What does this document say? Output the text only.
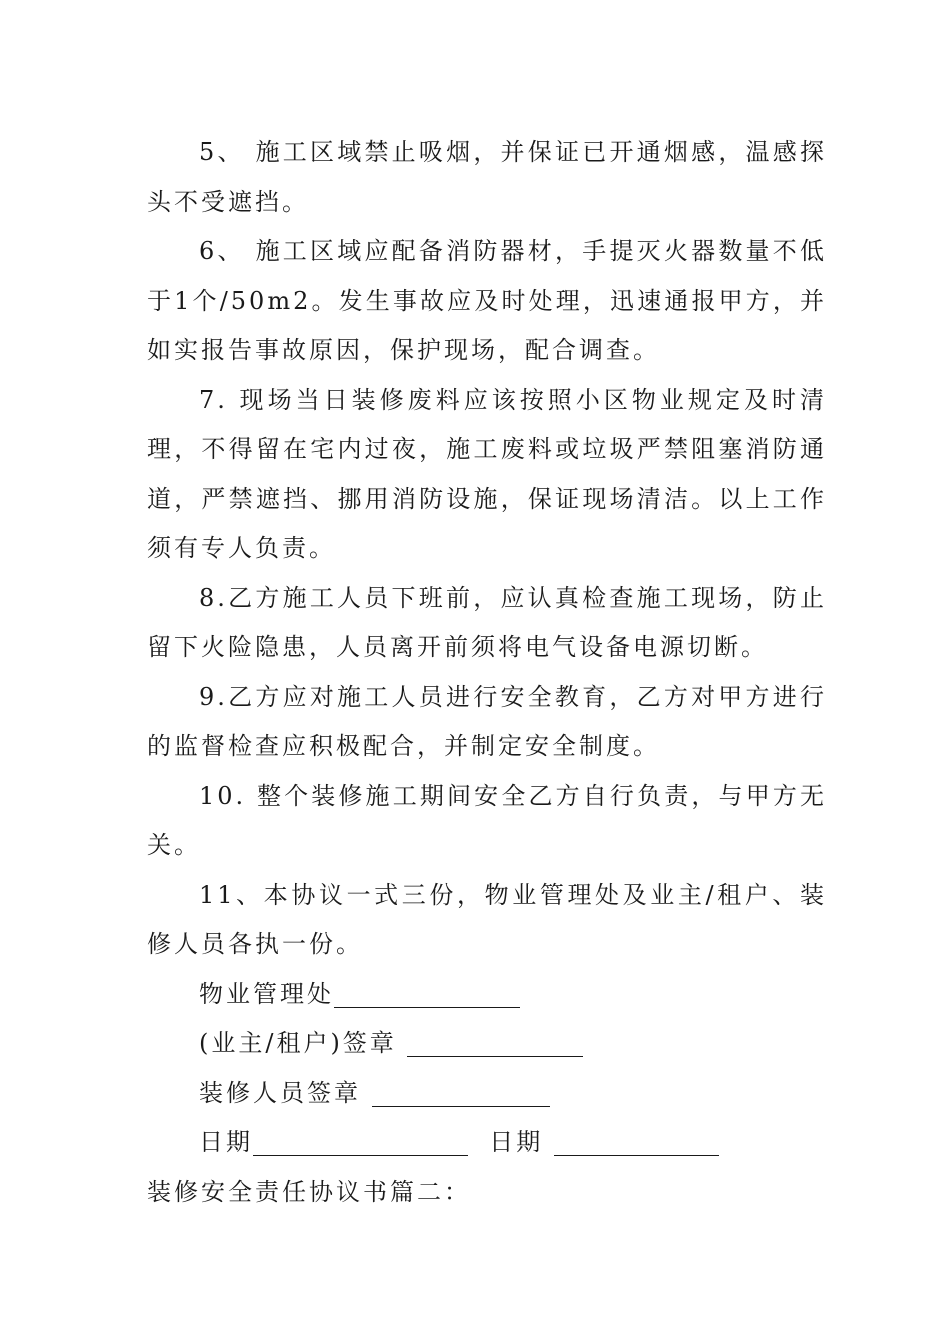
5、 施工区域禁止吸烟，并保证已开通烟感，温感探头不受遮挡。

6、 施工区域应配备消防器材，手提灭火器数量不低于1个/50m2。发生事故应及时处理，迅速通报甲方，并如实报告事故原因，保护现场，配合调查。

7. 现场当日装修废料应该按照小区物业规定及时清理，不得留在宅内过夜，施工废料或垃圾严禁阻塞消防通道，严禁遮挡、挪用消防设施，保证现场清洁。以上工作须有专人负责。

8.乙方施工人员下班前，应认真检查施工现场，防止留下火险隐患，人员离开前须将电气设备电源切断。

9.乙方应对施工人员进行安全教育，乙方对甲方进行的监督检查应积极配合，并制定安全制度。

10. 整个装修施工期间安全乙方自行负责，与甲方无关。

11、本协议一式三份，物业管理处及业主/租户、装修人员各执一份。

物业管理处

(业主/租户)签章

装修人员签章

日期	日期

装修安全责任协议书篇二：
